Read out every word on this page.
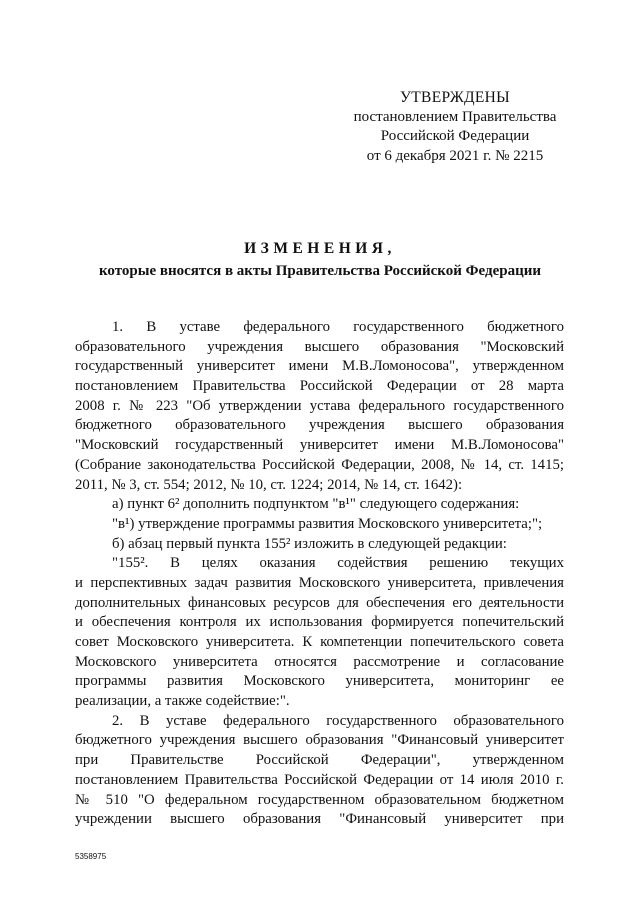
УТВЕРЖДЕНЫ
постановлением Правительства
Российской Федерации
от 6 декабря 2021 г. № 2215
ИЗМЕНЕНИЯ,
которые вносятся в акты Правительства Российской Федерации
1. В уставе федерального государственного бюджетного
образовательного учреждения высшего образования "Московский
государственный университет имени М.В.Ломоносова", утвержденном
постановлением Правительства Российской Федерации от 28 марта
2008 г. № 223 "Об утверждении устава федерального государственного
бюджетного образовательного учреждения высшего образования
"Московский государственный университет имени М.В.Ломоносова"
(Собрание законодательства Российской Федерации, 2008, № 14, ст. 1415;
2011, № 3, ст. 554; 2012, № 10, ст. 1224; 2014, № 14, ст. 1642):
а) пункт 6² дополнить подпунктом "в¹" следующего содержания:
"в¹) утверждение программы развития Московского университета;";
б) абзац первый пункта 155² изложить в следующей редакции:
"155². В целях оказания содействия решению текущих
и перспективных задач развития Московского университета, привлечения
дополнительных финансовых ресурсов для обеспечения его деятельности
и обеспечения контроля их использования формируется попечительский
совет Московского университета. К компетенции попечительского совета
Московского университета относятся рассмотрение и согласование
программы развития Московского университета, мониторинг ее
реализации, а также содействие:".
2. В уставе федерального государственного образовательного
бюджетного учреждения высшего образования "Финансовый университет
при Правительстве Российской Федерации", утвержденном
постановлением Правительства Российской Федерации от 14 июля 2010 г.
№ 510 "О федеральном государственном образовательном бюджетном
учреждении высшего образования "Финансовый университет при
5358975
